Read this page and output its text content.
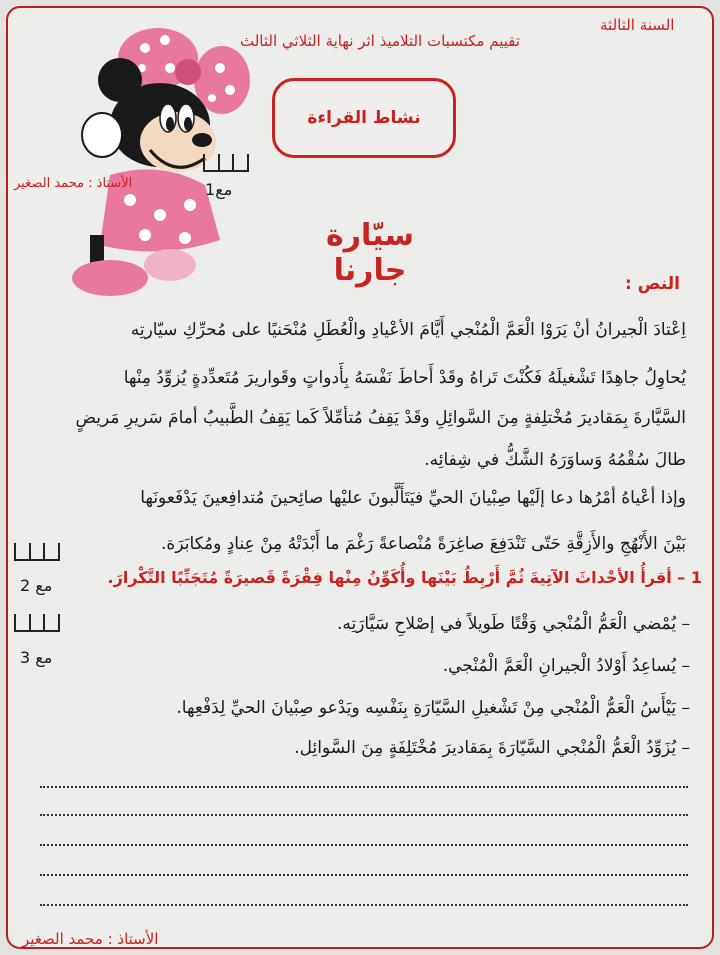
السنة الثالثة
تقييم مكتسبات التلاميذ اثر نهاية الثلاثي الثالث
نشاط القراءة
الأستاذ : محمد الصغير	مع1
سيّارة جارنا	النص :
اِعْتادَ الْجيرانُ أنْ يَرَوْا الْعَمَّ الْمُنْجي أَيَّامَ الأعْيادِ والْعُطَلِ مُنْحَنيًا على مُحرِّكِ سيّارتِه
يُحاوِلُ جاهِدًا تَشْغيلَهُ فَكُنْتَ تَراهُ وقَدْ أَحاطَ نَفْسَهُ بِأَدواتٍ وقَواريرَ مُتَعدِّدةٍ يُزوِّدُ مِنْها
السَّيَّارةَ بِمَقاديرَ مُخْتلِفةٍ مِنَ السَّوائِلِ وقَدْ يَقِفُ مُتأمِّلاً كَما يَقِفُ الطَّبيبُ أمامَ سَريرِ مَريضٍ
طالَ سُقْمُهُ وَساوَرَهُ الشَّكُّ في شِفائِه.
وإذا أعْياهُ أمْرُها دعا إلَيْها صِبْيانَ الحيِّ فيَتَأَلَّبونَ عليْها صائِحينَ مُتدافِعينَ يَدْفَعونَها
بَيْنَ الأَنْهُجِ والأَزِقَّةِ حَتّى تَنْدَفِعَ صاغِرَةً مُنْصاعةً رَغْمَ ما أَبْدَتْهُ مِنْ عِنادٍ ومُكابَرَة.
مع 2
مع 3
1 – أقرأُ الأحْداثَ الآتِيةَ ثُمَّ أَرْبِطُ بَيْنَها وأُكَوِّنُ مِنْها فِقْرَةً قَصيرَةً مُتَجَنِّبًا التَّكْرارَ.
– يُمْضي الْعَمُّ الْمُنْجي وَقْتًا طَويلاً في إصْلاحِ سَيَّارَتِه.
– يُساعِدُ أَوْلادُ الْجيرانِ الْعَمَّ الْمُنْجي.
– يَيْأَسُ الْعَمُّ الْمُنْجي مِنْ تَشْغيلِ السَّيّارَةِ بِنَفْسِه ويَدْعو صِبْيانَ الحيِّ لِدَفْعِها.
– يُزَوِّدُ الْعَمُّ الْمُنْجي السَّيّارَةَ بِمَقاديرَ مُخْتَلِفَةٍ مِنَ السَّوائِل.
الأستاذ : محمد الصغير
